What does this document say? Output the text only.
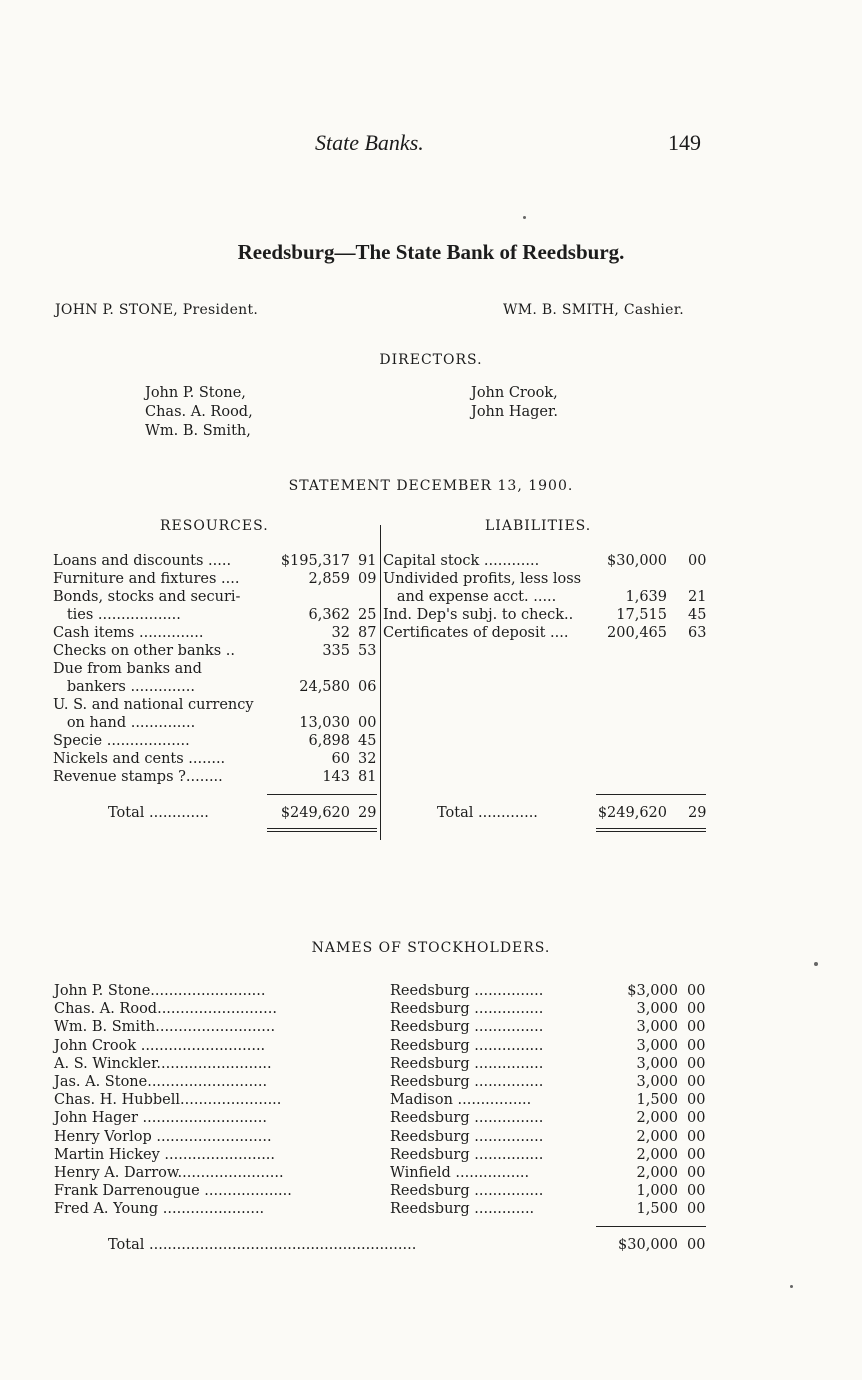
State Banks.	149
Reedsburg—The State Bank of Reedsburg.
JOHN P. STONE, President.	WM. B. SMITH, Cashier.
DIRECTORS.
John P. Stone,
Chas. A. Rood,
Wm. B. Smith,
John Crook,
John Hager.
STATEMENT DECEMBER 13, 1900.
RESOURCES.	LIABILITIES.
Loans and discounts .....	$195,317 91
Furniture and fixtures ....	2,859 09
Bonds, stocks and securi-
ties ..................	6,362 25
Cash items ..............	32 87
Checks on other banks ..	335 53
Due from banks and
bankers ..............	24,580 06
U. S. and national currency
on hand ..............	13,030 00
Specie ..................	6,898 45
Nickels and cents ........	60 32
Revenue stamps ?........	143 81
Capital stock ............	$30,000 00
Undivided profits, less loss
and expense acct. .....	1,639 21
Ind. Dep's subj. to check..	17,515 45
Certificates of deposit ....	200,465 63
Total .............	$249,620 29	Total .............	$249,620 29
NAMES OF STOCKHOLDERS.
John P. Stone.........................	Reedsburg ...............	$3,000 00
Chas. A. Rood..........................	Reedsburg ...............	3,000 00
Wm. B. Smith..........................	Reedsburg ...............	3,000 00
John Crook ...........................	Reedsburg ...............	3,000 00
A. S. Winckler.........................	Reedsburg ...............	3,000 00
Jas. A. Stone..........................	Reedsburg ...............	3,000 00
Chas. H. Hubbell......................	Madison ................	1,500 00
John Hager ...........................	Reedsburg ...............	2,000 00
Henry Vorlop .........................	Reedsburg ...............	2,000 00
Martin Hickey ........................	Reedsburg ...............	2,000 00
Henry A. Darrow.......................	Winfield ................	2,000 00
Frank Darrenougue ...................	Reedsburg ...............	1,000 00
Fred A. Young ......................	Reedsburg .............	1,500 00
Total ..........................................................	$30,000 00
